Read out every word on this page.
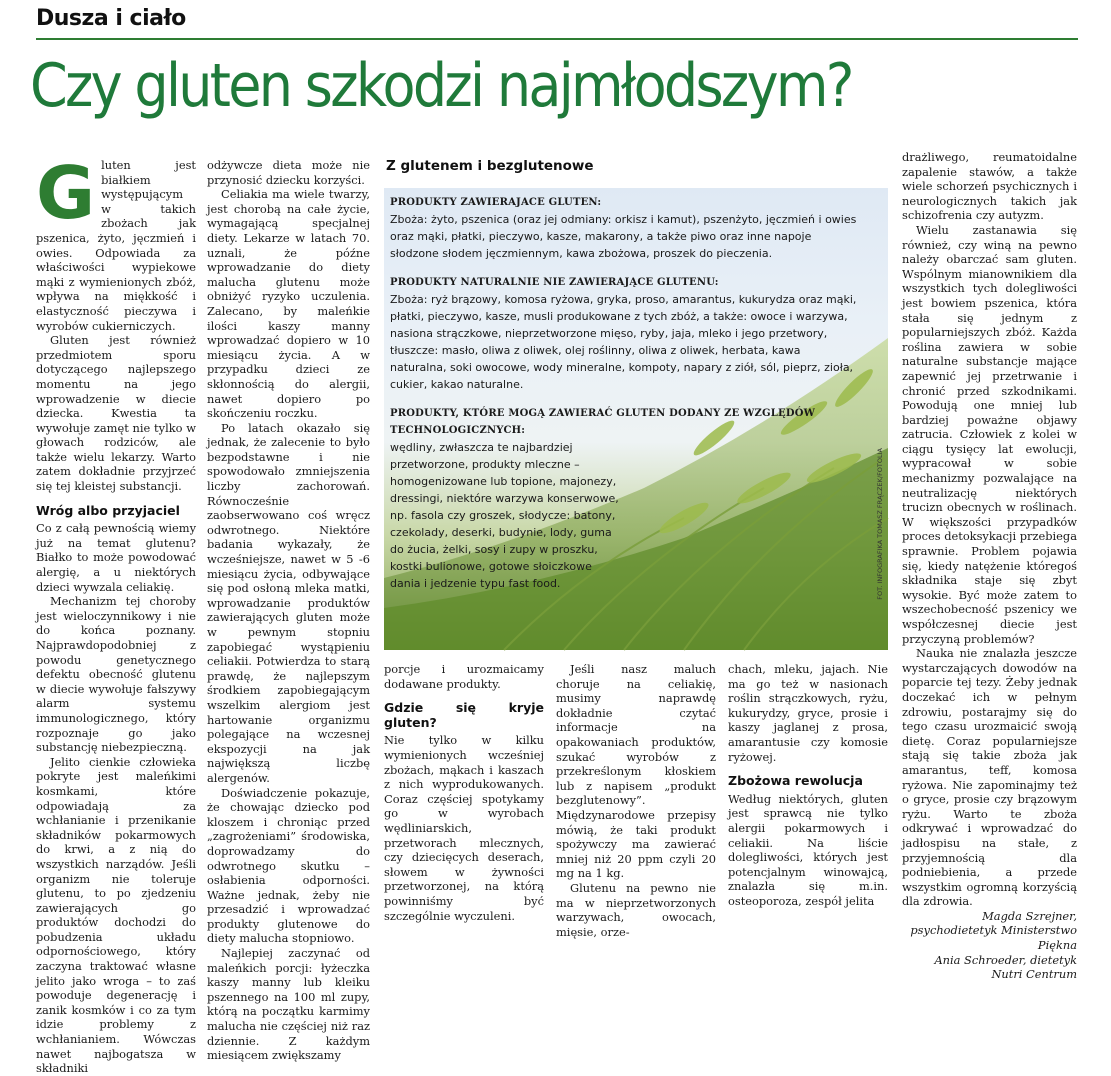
Dusza i ciało
Czy gluten szkodzi najmłodszym?

Gluten jest białkiem występującym w takich zbożach jak pszenica, żyto, jęczmień i owies. Odpowiada za właściwości wypiekowe mąki z wymienionych zbóż, wpływa na miękkość i elastyczność pieczywa i wyrobów cukierniczych.

Gluten jest również przedmiotem sporu dotyczącego najlepszego momentu na jego wprowadzenie w diecie dziecka. Kwestia ta wywołuje zamęt nie tylko w głowach rodziców, ale także wielu lekarzy. Warto zatem dokładnie przyjrzeć się tej kleistej substancji.

Wróg albo przyjaciel

Co z całą pewnością wiemy już na temat glutenu? Białko to może powodować alergię, a u niektórych dzieci wywzala celiakię.

Mechanizm tej choroby jest wieloczynnikowy i nie do końca poznany. Najprawdopodobniej z powodu genetycznego defektu obecność glutenu w diecie wywołuje fałszywy alarm systemu immunologicznego, który rozpoznaje go jako substancję niebezpieczną.

Jelito cienkie człowieka pokryte jest maleńkimi kosmkami, które odpowiadają za wchłanianie i przenikanie składników pokarmowych do krwi, a z nią do wszystkich narządów. Jeśli organizm nie toleruje glutenu, to po zjedzeniu zawierających go produktów dochodzi do pobudzenia układu odpornościowego, który zaczyna traktować własne jelito jako wroga – to zaś powoduje degenerację i zanik kosmków i co za tym idzie problemy z wchłanianiem. Wówczas nawet najbogatsza w składniki

odżywcze dieta może nie przynosić dziecku korzyści.

Celiakia ma wiele twarzy, jest chorobą na całe życie, wymagającą specjalnej diety. Lekarze w latach 70. uznali, że późne wprowadzanie do diety malucha glutenu może obniżyć ryzyko uczulenia. Zalecano, by maleńkie ilości kaszy manny wprowadzać dopiero w 10 miesiącu życia. A w przypadku dzieci ze skłonnością do alergii, nawet dopiero po skończeniu roczku.

Po latach okazało się jednak, że zalecenie to było bezpodstawne i nie spowodowało zmniejszenia liczby zachorowań. Równocześnie zaobserwowano coś wręcz odwrotnego. Niektóre badania wykazały, że wcześniejsze, nawet w 5 -6 miesiącu życia, odbywające się pod osłoną mleka matki, wprowadzanie produktów zawierających gluten może w pewnym stopniu zapobiegać wystąpieniu celiakii. Potwierdza to starą prawdę, że najlepszym środkiem zapobiegającym wszelkim alergiom jest hartowanie organizmu polegające na wczesnej ekspozycji na jak największą liczbę alergenów.

Doświadczenie pokazuje, że chowając dziecko pod kloszem i chroniąc przed „zagrożeniami” środowiska, doprowadzamy do odwrotnego skutku – osłabienia odporności. Ważne jednak, żeby nie przesadzić i wprowadzać produkty glutenowe do diety malucha stopniowo.

Najlepiej zaczynać od maleńkich porcji: łyżeczka kaszy manny lub kleiku pszennego na 100 ml zupy, którą na początku karmimy malucha nie częściej niż raz dziennie. Z każdym miesiącem zwiększamy

Z glutenem i bezglutenowe
PRODUKTY ZAWIERAJACE GLUTEN:
Zboża: żyto, pszenica (oraz jej odmiany: orkisz i kamut), pszenżyto, jęczmień i owies oraz mąki, płatki, pieczywo, kasze, makarony, a także piwo oraz inne napoje słodzone słodem jęczmiennym, kawa zbożowa, proszek do pieczenia.
PRODUKTY NATURALNIE NIE ZAWIERAJĄCE GLUTENU:
Zboża: ryż brązowy, komosa ryżowa, gryka, proso, amarantus, kukurydza oraz mąki, płatki, pieczywo, kasze, musli produkowane z tych zbóż, a także: owoce i warzywa, nasiona strączkowe, nieprzetworzone mięso, ryby, jaja, mleko i jego przetwory, tłuszcze: masło, oliwa z oliwek, olej roślinny, oliwa z oliwek, herbata, kawa naturalna, soki owocowe, wody mineralne, kompoty, napary z ziół, sól, pieprz, zioła, cukier, kakao naturalne.
PRODUKTY, KTÓRE MOGĄ ZAWIERAĆ GLUTEN DODANY ZE WZGLĘDÓW TECHNOLOGICZNYCH:
wędliny, zwłaszcza te najbardziej przetworzone, produkty mleczne – homogenizowane lub topione, majonezy, dressingi, niektóre warzywa konserwowe, np. fasola czy groszek, słodycze: batony, czekolady, deserki, budynie, lody, guma do żucia, żelki, sosy i zupy w proszku, kostki bulionowe, gotowe słoiczkowe dania i jedzenie typu fast food.	FOT. INFOGRAFIKA TOMASZ FRĄCZEK/FOTOLIA

porcje i urozmaicamy dodawane produkty.

Gdzie się kryje gluten?

Nie tylko w kilku wymienionych wcześniej zbożach, mąkach i kaszach z nich wyprodukowanych. Coraz częściej spotykamy go w wyrobach wędliniarskich, przetworach mlecznych, czy dziecięcych deserach, słowem w żywności przetworzonej, na którą powinniśmy być szczególnie wyczuleni.

Jeśli nasz maluch choruje na celiakię, musimy naprawdę dokładnie czytać informacje na opakowaniach produktów, szukać wyrobów z przekreślonym kłoskiem lub z napisem „produkt bezglutenowy”. Międzynarodowe przepisy mówią, że taki produkt spożywczy ma zawierać mniej niż 20 ppm czyli 20 mg na 1 kg.

Glutenu na pewno nie ma w nieprzetworzonych warzywach, owocach, mięsie, orze-

chach, mleku, jajach. Nie ma go też w nasionach roślin strączkowych, ryżu, kukurydzy, gryce, prosie i kaszy jaglanej z prosa, amarantusie czy komosie ryżowej.

Zbożowa rewolucja

Według niektórych, gluten jest sprawcą nie tylko alergii pokarmowych i celiakii. Na liście dolegliwości, których jest potencjalnym winowajcą, znalazła się m.in. osteoporoza, zespół jelita

drażliwego, reumatoidalne zapalenie stawów, a także wiele schorzeń psychicznych i neurologicznych takich jak schizofrenia czy autyzm.

Wielu zastanawia się również, czy winą na pewno należy obarczać sam gluten. Wspólnym mianownikiem dla wszystkich tych dolegliwości jest bowiem pszenica, która stała się jednym z popularniejszych zbóż. Każda roślina zawiera w sobie naturalne substancje mające zapewnić jej przetrwanie i chronić przed szkodnikami. Powodują one mniej lub bardziej poważne objawy zatrucia. Człowiek z kolei w ciągu tysięcy lat ewolucji, wypracował w sobie mechanizmy pozwalające na neutralizację niektórych trucizn obecnych w roślinach. W większości przypadków proces detoksykacji przebiega sprawnie. Problem pojawia się, kiedy natężenie któregoś składnika staje się zbyt wysokie. Być może zatem to wszechobecność pszenicy we współczesnej diecie jest przyczyną problemów?

Nauka nie znalazła jeszcze wystarczających dowodów na poparcie tej tezy. Żeby jednak doczekać ich w pełnym zdrowiu, postarajmy się do tego czasu urozmaicić swoją dietę. Coraz popularniejsze stają się takie zboża jak amarantus, teff, komosa ryżowa. Nie zapominajmy też o gryce, prosie czy brązowym ryżu. Warto te zboża odkrywać i wprowadzać do jadłospisu na stałe, z przyjemnością dla podniebienia, a przede wszystkim ogromną korzyścią dla zdrowia.

Magda Szrejner, psychodietetyk Ministerstwo Piękna

Ania Schroeder, dietetyk Nutri Centrum
